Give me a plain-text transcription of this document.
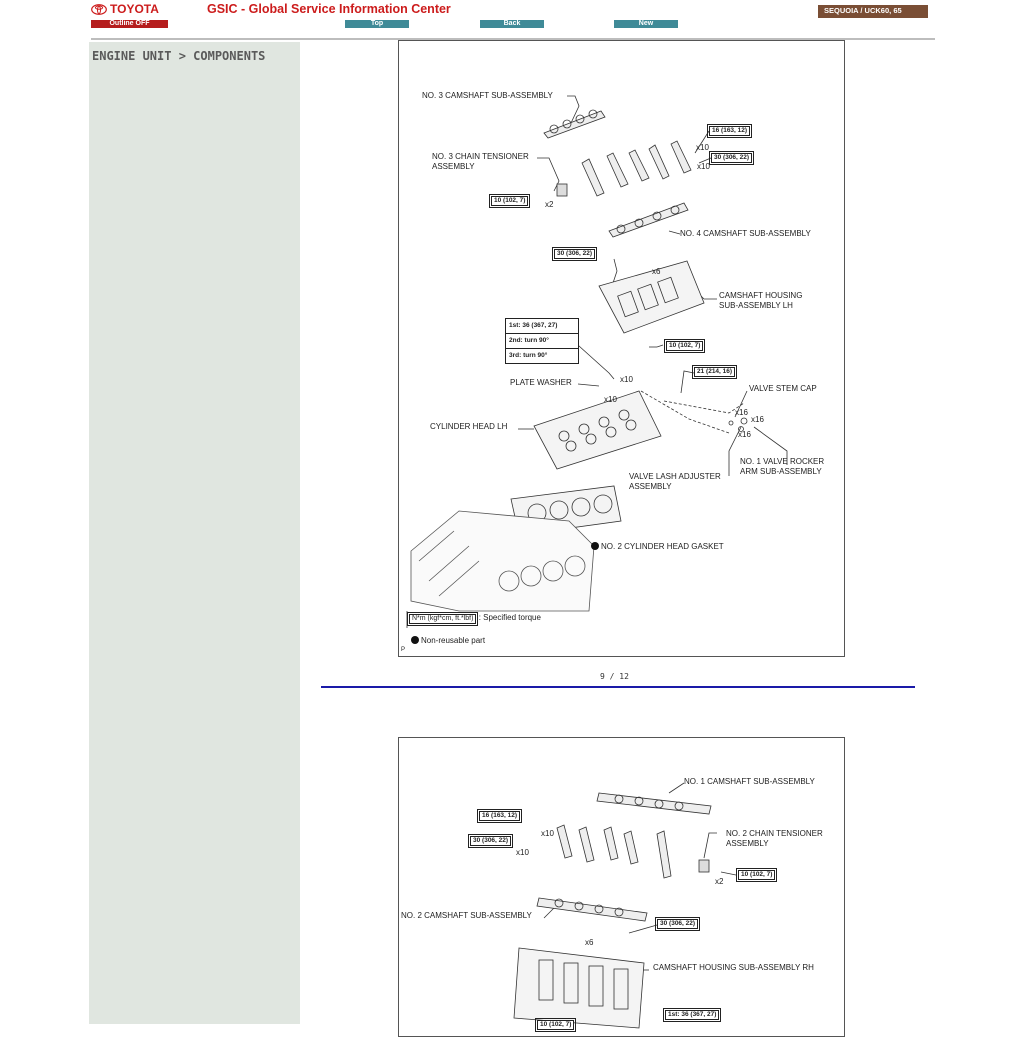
TOYOTA
Outline OFF
GSIC - Global Service Information Center
Top	Back	New
SEQUOIA / UCK60, 65
ENGINE UNIT > COMPONENTS
NO. 3 CAMSHAFT SUB-ASSEMBLY
NO. 3 CHAIN TENSIONER
ASSEMBLY
NO. 4 CAMSHAFT SUB-ASSEMBLY
CAMSHAFT HOUSING
SUB-ASSEMBLY LH
PLATE WASHER
VALVE STEM CAP
CYLINDER HEAD LH
NO. 1 VALVE ROCKER
ARM SUB-ASSEMBLY
VALVE LASH ADJUSTER
ASSEMBLY
NO. 2 CYLINDER HEAD GASKET
P
16 (163, 12)
30 (306, 22)
10 (102, 7)
30 (306, 22)
10 (102, 7)
21 (214, 16)
x10
x10
x2
x6
x10
x10
x16
x16
x16
N*m (kgf*cm, ft.*lbf) : Specified torque
Non-reusable part
1st: 36 (367, 27)
2nd: turn 90°
3rd: turn 90°
9 / 12
NO. 1 CAMSHAFT SUB-ASSEMBLY
NO. 2 CHAIN TENSIONER
ASSEMBLY
NO. 2 CAMSHAFT SUB-ASSEMBLY
CAMSHAFT HOUSING SUB-ASSEMBLY RH
16 (163, 12)
30 (306, 22)
10 (102, 7)
30 (306, 22)
1st: 36 (367, 27)
10 (102, 7)
x10
x10
x2
x6
